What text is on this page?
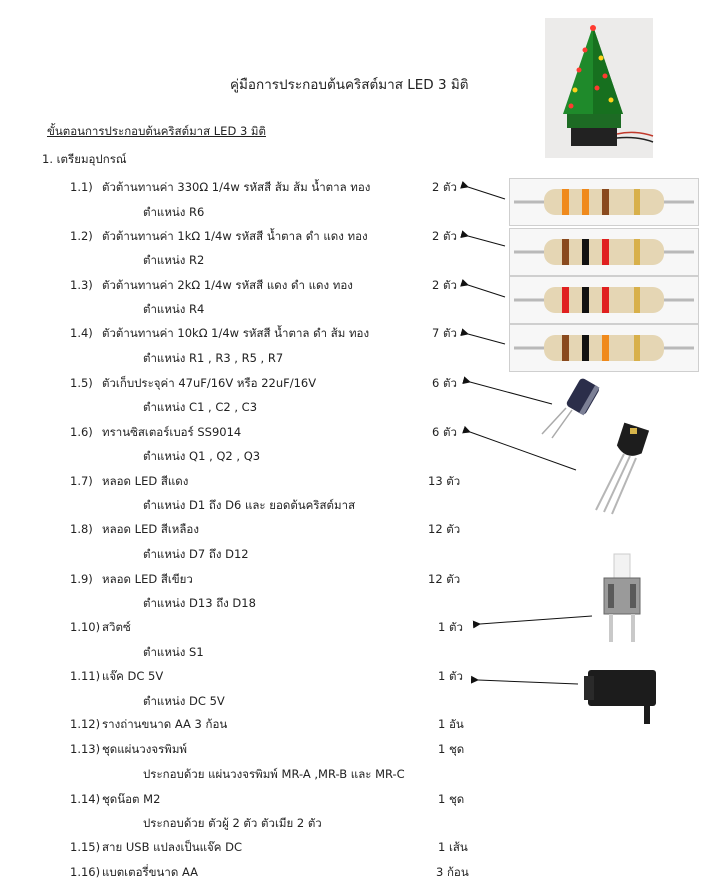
คู่มือการประกอบต้นคริสต์มาส LED 3 มิติ
ขั้นตอนการประกอบต้นคริสต์มาส LED 3 มิติ
1. เตรียมอุปกรณ์
1.1) ตัวต้านทานค่า 330Ω 1/4w รหัสสี ส้ม ส้ม น้ำตาล ทอง	2 ตัว
ตำแหน่ง R6
1.2) ตัวต้านทานค่า 1kΩ 1/4w รหัสสี น้ำตาล ดำ แดง ทอง	2 ตัว
ตำแหน่ง R2
1.3) ตัวต้านทานค่า 2kΩ 1/4w รหัสสี แดง ดำ แดง ทอง	2 ตัว
ตำแหน่ง R4
1.4) ตัวต้านทานค่า 10kΩ 1/4w รหัสสี น้ำตาล ดำ ส้ม ทอง	7 ตัว
ตำแหน่ง R1 , R3 , R5 , R7
1.5) ตัวเก็บประจุค่า 47uF/16V หรือ 22uF/16V	6 ตัว
ตำแหน่ง C1 , C2 , C3
1.6) ทรานซิสเตอร์เบอร์ SS9014	6 ตัว
ตำแหน่ง Q1 , Q2 , Q3
1.7) หลอด LED สีแดง	13 ตัว
ตำแหน่ง D1 ถึง D6 และ ยอดต้นคริสต์มาส
1.8) หลอด LED สีเหลือง	12 ตัว
ตำแหน่ง D7 ถึง D12
1.9) หลอด LED สีเขียว	12 ตัว
ตำแหน่ง D13 ถึง D18
1.10) สวิตซ์	1 ตัว
ตำแหน่ง S1
1.11) แจ๊ค DC 5V	1 ตัว
ตำแหน่ง DC 5V
1.12) รางถ่านขนาด AA 3 ก้อน	1 อัน
1.13) ชุดแผ่นวงจรพิมพ์	1 ชุด
ประกอบด้วย แผ่นวงจรพิมพ์ MR-A ,MR-B และ MR-C
1.14) ชุดน๊อต M2	1 ชุด
ประกอบด้วย ตัวผู้ 2 ตัว ตัวเมีย 2 ตัว
1.15) สาย USB แปลงเป็นแจ๊ค DC	1 เส้น
1.16) แบตเตอรี่ขนาด AA	3 ก้อน
